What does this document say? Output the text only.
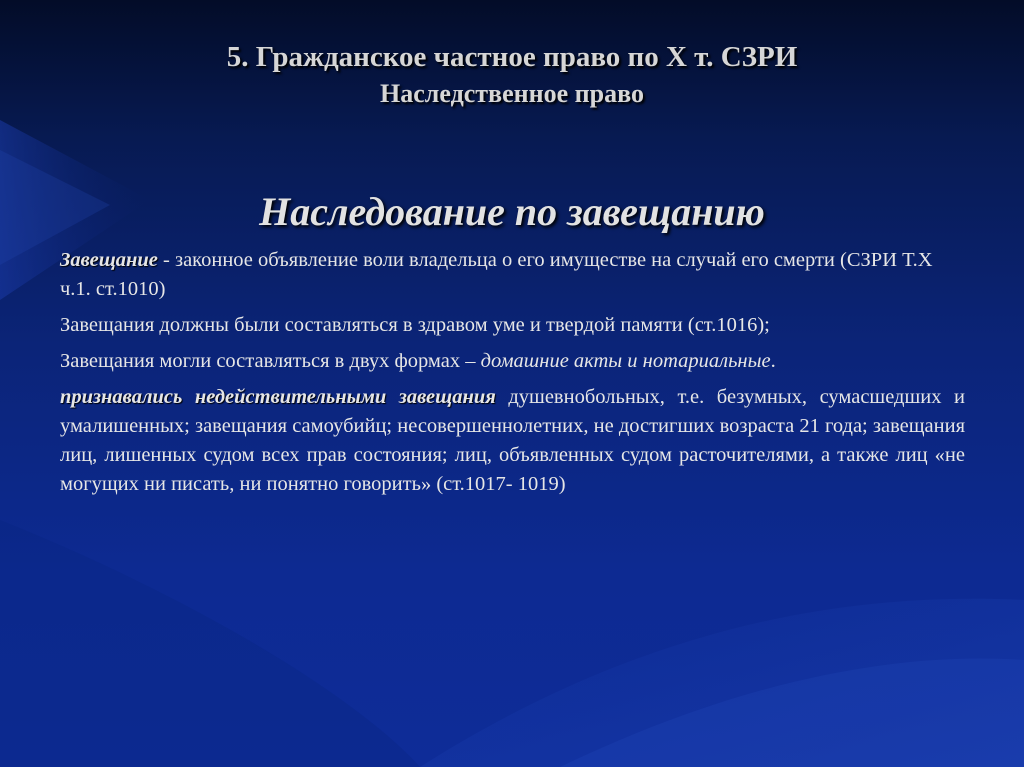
5. Гражданское частное право по Х т. СЗРИ
Наследственное право
Наследование по завещанию

Завещание - законное объявление воли владельца о его имуществе на случай его смерти (СЗРИ Т.Х ч.1. ст.1010)

Завещания должны были составляться в здравом уме и твердой памяти (ст.1016);

Завещания могли составляться в двух формах – домашние акты и нотариальные.

признавались недействительными завещания душевнобольных, т.е. безумных, сумасшедших и умалишенных; завещания самоубийц; несовершеннолетних, не достигших возраста 21 года; завещания лиц, лишенных судом всех прав состояния; лиц, объявленных судом расточителями, а также лиц «не могущих ни писать, ни понятно говорить» (ст.1017- 1019)
